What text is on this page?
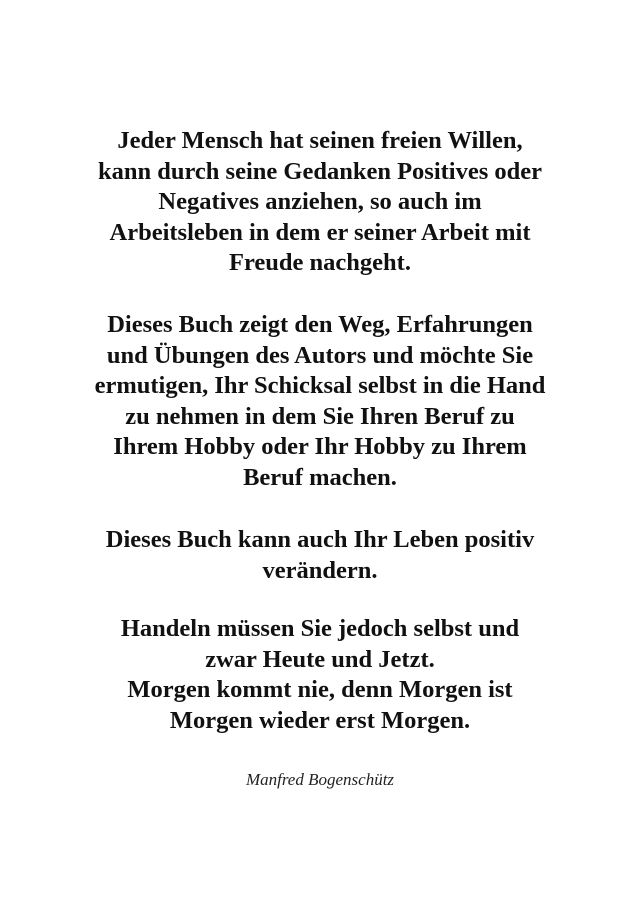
Jeder Mensch hat seinen freien Willen,
kann durch seine Gedanken Positives oder
Negatives anziehen, so auch im
Arbeitsleben in dem er seiner Arbeit mit
Freude nachgeht.
Dieses Buch zeigt den Weg, Erfahrungen
und Übungen des Autors und möchte Sie
ermutigen, Ihr Schicksal selbst in die Hand
zu nehmen in dem Sie Ihren Beruf zu
Ihrem Hobby oder Ihr Hobby zu Ihrem
Beruf machen.
Dieses Buch kann auch Ihr Leben positiv
verändern.
Handeln müssen Sie jedoch selbst und
zwar Heute und Jetzt.
Morgen kommt nie, denn Morgen ist
Morgen wieder erst Morgen.
Manfred Bogenschütz
